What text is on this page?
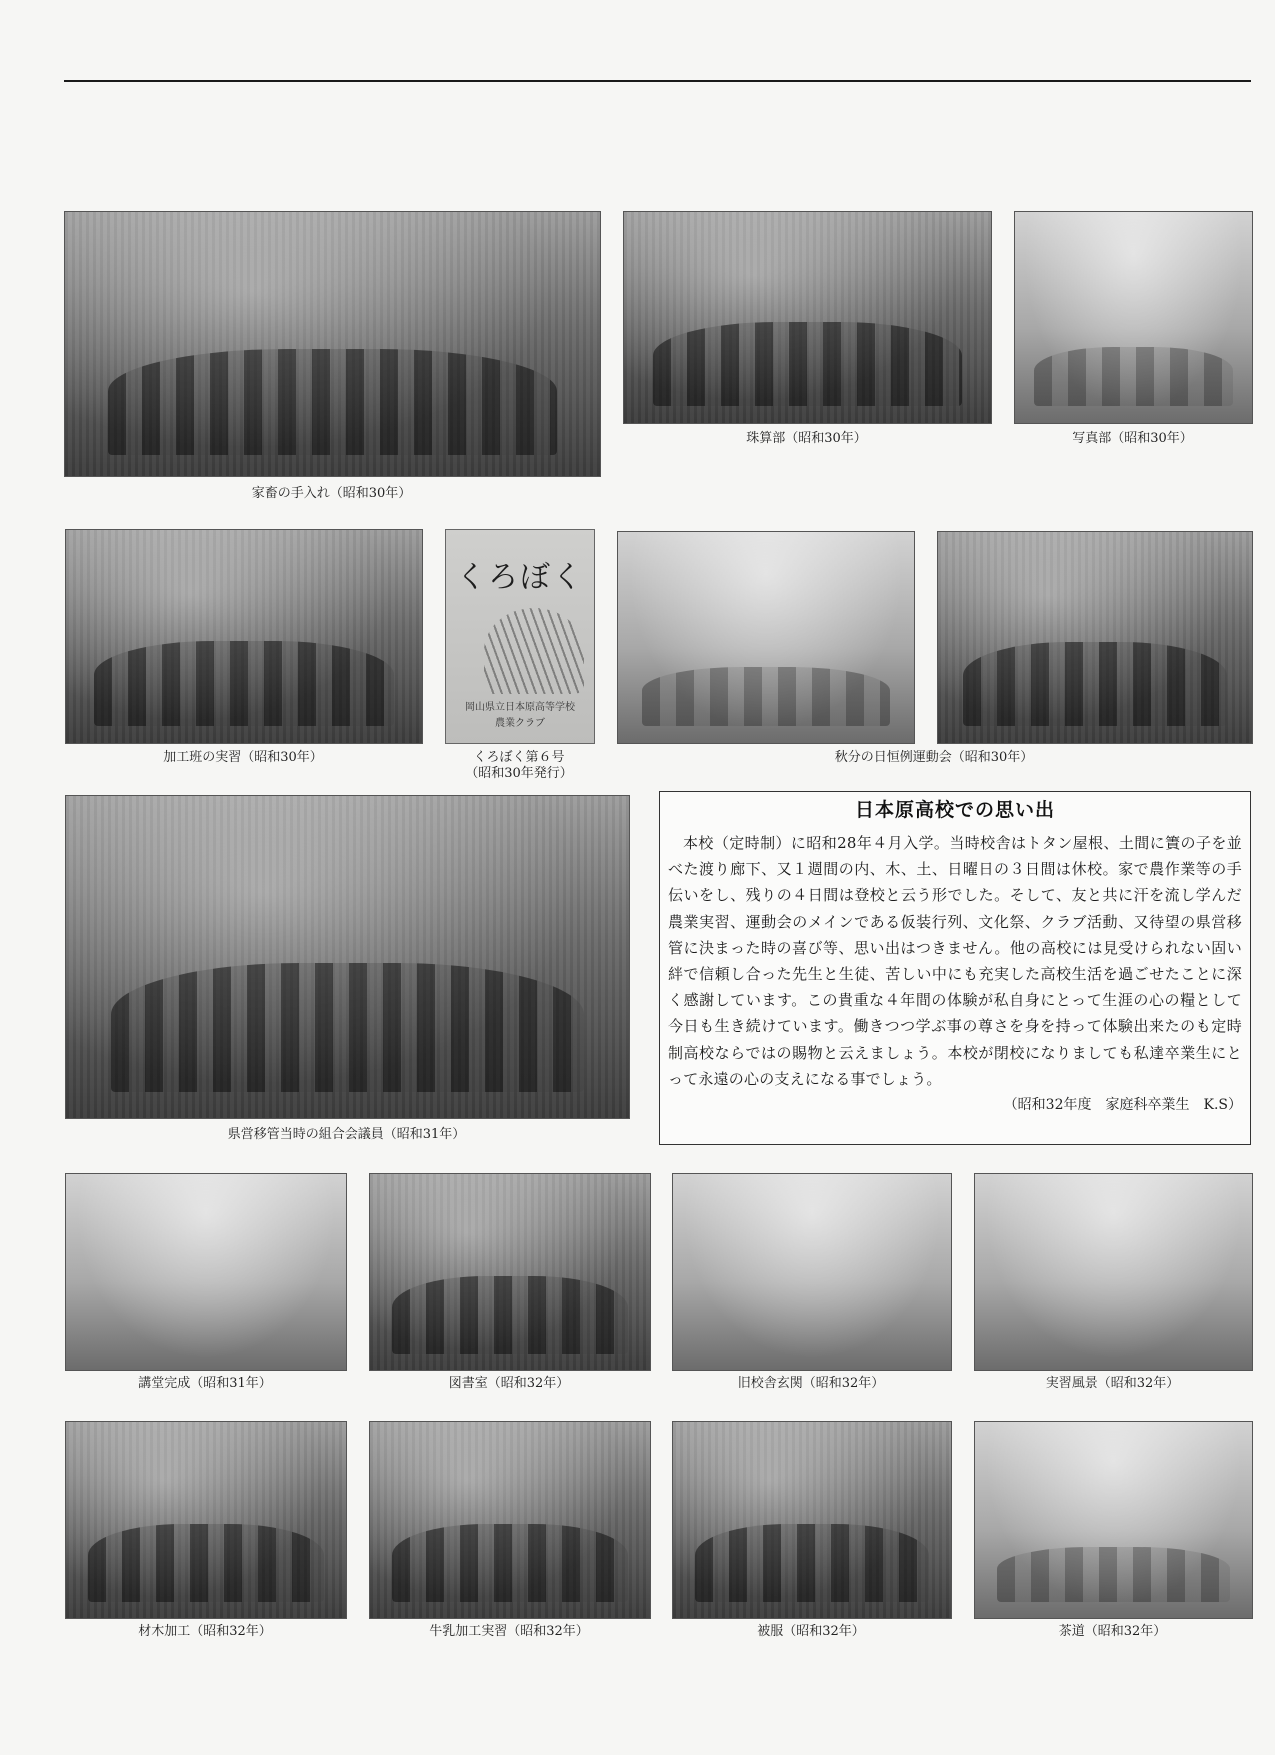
家畜の手入れ（昭和30年）
珠算部（昭和30年）	写真部（昭和30年）
加工班の実習（昭和30年）
くろぼく
岡山県立日本原高等学校
農業クラブ
くろぼく第６号
（昭和30年発行）
秋分の日恒例運動会（昭和30年）
県営移管当時の組合会議員（昭和31年）
日本原高校での思い出

本校（定時制）に昭和28年４月入学。当時校舎はトタン屋根、土間に簀の子を並べた渡り廊下、又１週間の内、木、土、日曜日の３日間は休校。家で農作業等の手伝いをし、残りの４日間は登校と云う形でした。そして、友と共に汗を流し学んだ農業実習、運動会のメインである仮装行列、文化祭、クラブ活動、又待望の県営移管に決まった時の喜び等、思い出はつきません。他の高校には見受けられない固い絆で信頼し合った先生と生徒、苦しい中にも充実した高校生活を過ごせたことに深く感謝しています。この貴重な４年間の体験が私自身にとって生涯の心の糧として今日も生き続けています。働きつつ学ぶ事の尊さを身を持って体験出来たのも定時制高校ならではの賜物と云えましょう。本校が閉校になりましても私達卒業生にとって永遠の心の支えになる事でしょう。

（昭和32年度　家庭科卒業生　K.S）
講堂完成（昭和31年）	図書室（昭和32年）	旧校舎玄関（昭和32年）	実習風景（昭和32年）
材木加工（昭和32年）	牛乳加工実習（昭和32年）	被服（昭和32年）	茶道（昭和32年）
